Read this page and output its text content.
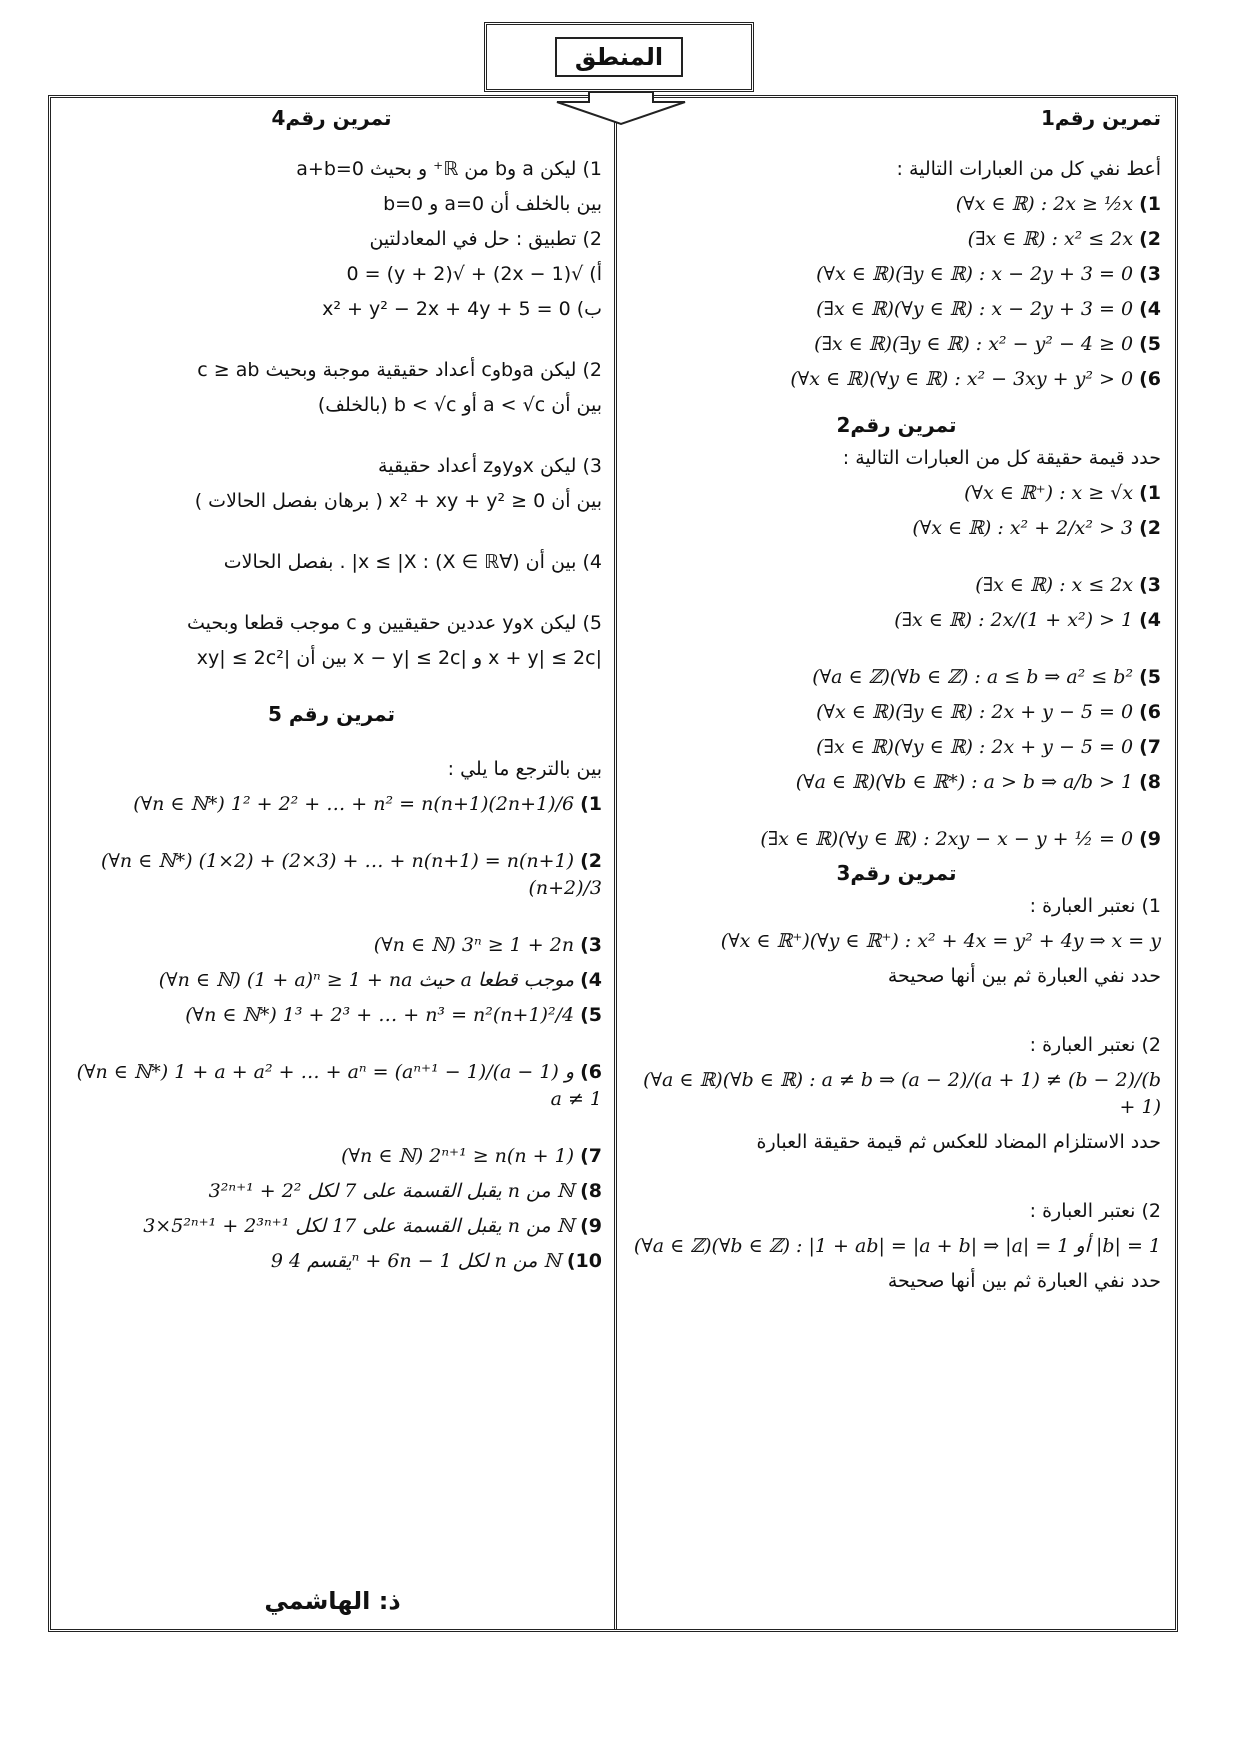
المنطق
تمرين رقم1
أعط نفي كل من العبارات التالية :
1)(∀x ∈ ℝ) : 2x ≥ ½x
2)(∃x ∈ ℝ) : x² ≤ 2x
3)(∀x ∈ ℝ)(∃y ∈ ℝ) : x − 2y + 3 = 0
4)(∃x ∈ ℝ)(∀y ∈ ℝ) : x − 2y + 3 = 0
5)(∃x ∈ ℝ)(∃y ∈ ℝ) : x² − y² − 4 ≥ 0
6)(∀x ∈ ℝ)(∀y ∈ ℝ) : x² − 3xy + y² > 0
تمرين رقم2
حدد قيمة حقيقة كل من العبارات التالية :
1)(∀x ∈ ℝ⁺) : x ≥ √x
2)(∀x ∈ ℝ) : x² + 2/x² > 3
3)(∃x ∈ ℝ) : x ≤ 2x
4)(∃x ∈ ℝ) : 2x/(1 + x²) > 1
5)(∀a ∈ ℤ)(∀b ∈ ℤ) : a ≤ b ⇒ a² ≤ b²
6)(∀x ∈ ℝ)(∃y ∈ ℝ) : 2x + y − 5 = 0
7)(∃x ∈ ℝ)(∀y ∈ ℝ) : 2x + y − 5 = 0
8)(∀a ∈ ℝ)(∀b ∈ ℝ*) : a > b ⇒ a/b > 1
9)(∃x ∈ ℝ)(∀y ∈ ℝ) : 2xy − x − y + ½ = 0
تمرين رقم3
1) نعتبر العبارة :
(∀x ∈ ℝ⁺)(∀y ∈ ℝ⁺) : x² + 4x = y² + 4y ⇒ x = y
حدد نفي العبارة ثم بين أنها صحيحة
2) نعتبر العبارة :
(∀a ∈ ℝ)(∀b ∈ ℝ) : a ≠ b ⇒ (a − 2)/(a + 1) ≠ (b − 2)/(b + 1)
حدد الاستلزام المضاد للعكس ثم قيمة حقيقة العبارة
2) نعتبر العبارة :
(∀a ∈ ℤ)(∀b ∈ ℤ) : |1 + ab| = |a + b| ⇒ |a| = 1 أو |b| = 1
حدد نفي العبارة ثم بين أنها صحيحة
تمرين رقم4
1) ليكن a وb من ℝ⁺ و بحيث a+b=0
بين بالخلف أن a=0 و b=0
2) تطبيق : حل في المعادلتين
أ) √(2x − 1) + √(y + 2) = 0
ب) x² + y² − 2x + 4y + 5 = 0
2) ليكن aوbوc أعداد حقيقية موجبة وبحيث c ≥ ab
بين أن a < √c أو b < √c (بالخلف)
3) ليكن xوyوz أعداد حقيقية
بين أن x² + xy + y² ≥ 0 ( برهان بفصل الحالات )
4) بين أن (∀X ∈ ℝ) : x ≤ |X| . بفصل الحالات
5) ليكن xوy عددين حقيقيين و c موجب قطعا وبحيث
|x + y| ≤ 2c و |x − y| ≤ 2c بين أن |xy| ≤ 2c²
تمرين رقم 5
بين بالترجع ما يلي :
1)(∀n ∈ ℕ*) 1² + 2² + … + n² = n(n+1)(2n+1)/6
2)(∀n ∈ ℕ*) (1×2) + (2×3) + … + n(n+1) = n(n+1)(n+2)/3
3)(∀n ∈ ℕ) 3ⁿ ≥ 1 + 2n
4)(∀n ∈ ℕ) (1 + a)ⁿ ≥ 1 + na حيث a موجب قطعا
5)(∀n ∈ ℕ*) 1³ + 2³ + … + n³ = n²(n+1)²/4
6)(∀n ∈ ℕ*) 1 + a + a² + … + aⁿ = (aⁿ⁺¹ − 1)/(a − 1) و a ≠ 1
7)(∀n ∈ ℕ) 2ⁿ⁺¹ ≥ n(n + 1)
8)3²ⁿ⁺¹ + 2² يقبل القسمة على 7 لكل n من ℕ
9)3×5²ⁿ⁺¹ + 2³ⁿ⁺¹ يقبل القسمة على 17 لكل n من ℕ
10)9 يقسم 4ⁿ + 6n − 1 لكل n من ℕ
ذ: الهاشمي
